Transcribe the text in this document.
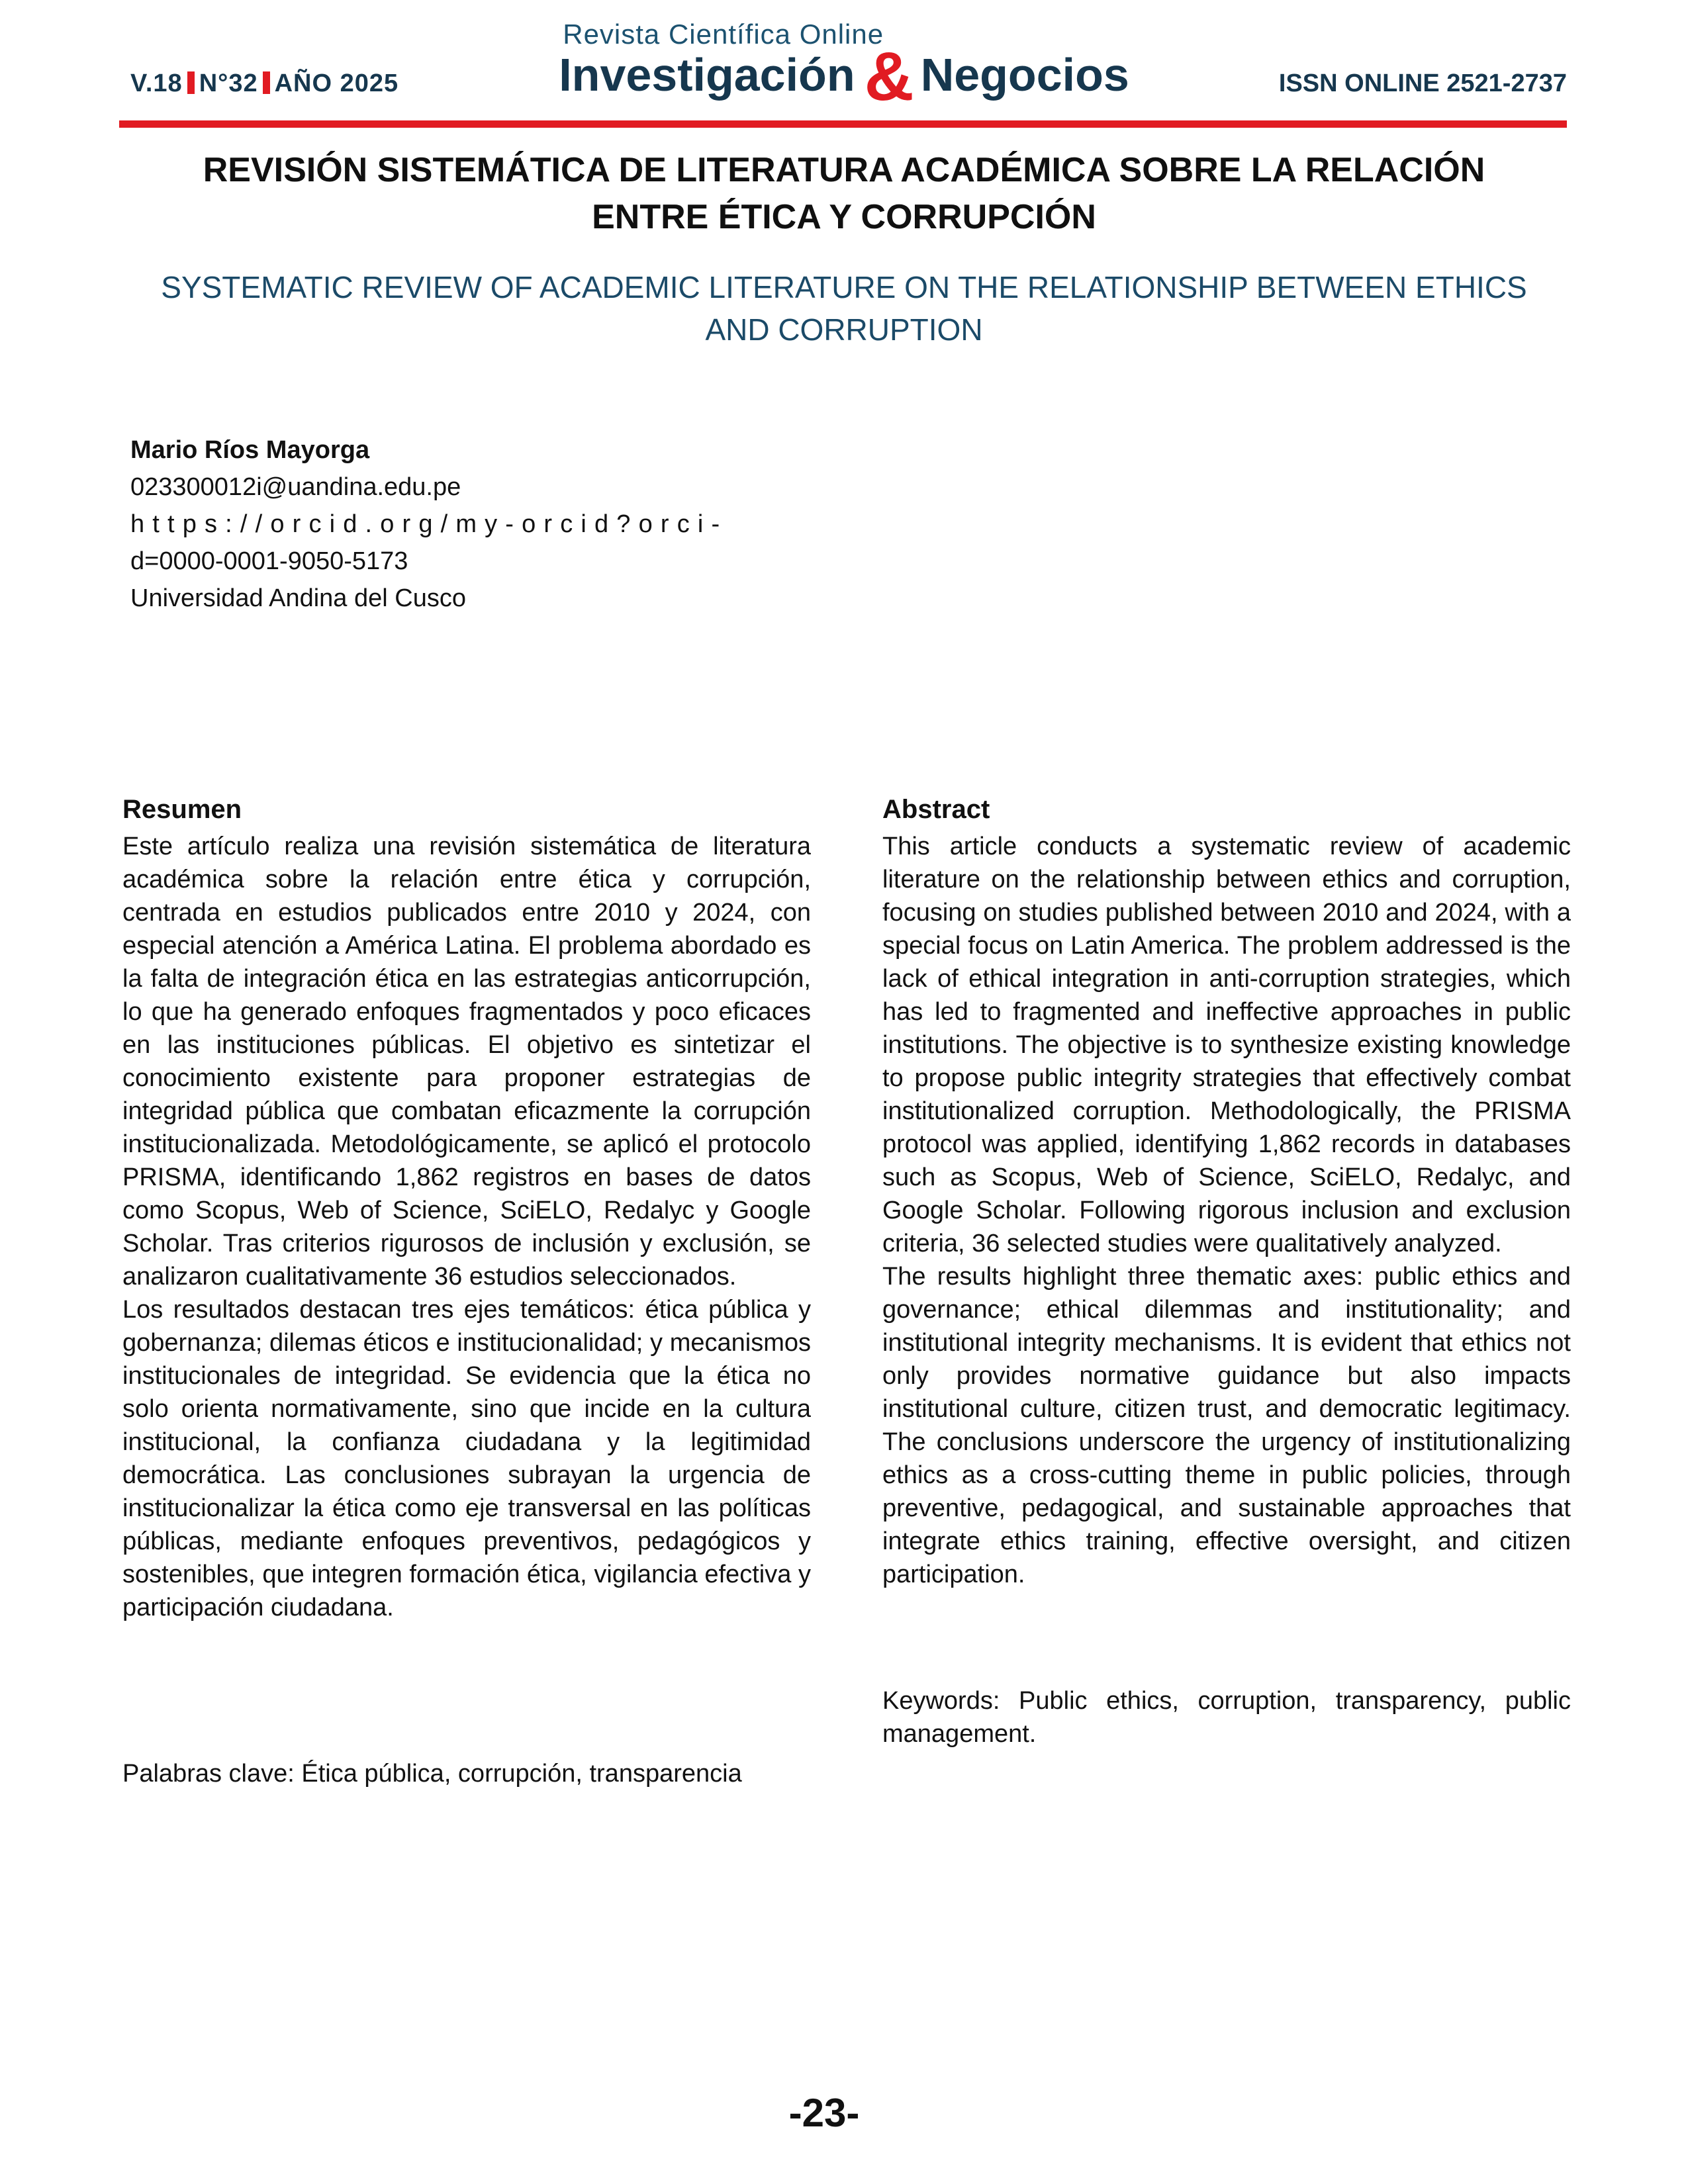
V.18 N°32 AÑO 2025
Revista Científica Online
Investigación & Negocios	ISSN ONLINE 2521-2737
REVISIÓN SISTEMÁTICA DE LITERATURA ACADÉMICA SOBRE LA RELACIÓN ENTRE ÉTICA Y CORRUPCIÓN
SYSTEMATIC REVIEW OF ACADEMIC LITERATURE ON THE RELATIONSHIP BETWEEN ETHICS AND CORRUPTION
Mario Ríos Mayorga
023300012i@uandina.edu.pe
https://orcid.org/my-orcid?orci-
d=0000-0001-9050-5173
Universidad Andina del Cusco
Resumen

Este artículo realiza una revisión sistemática de literatura académica sobre la relación entre ética y corrupción, centrada en estudios publicados entre 2010 y 2024, con especial atención a América Latina. El problema abordado es la falta de integración ética en las estrategias anticorrupción, lo que ha generado enfoques fragmentados y poco eficaces en las instituciones públicas. El objetivo es sintetizar el conocimiento existente para proponer estrategias de integridad pública que combatan eficazmente la corrupción institucionalizada. Metodológicamente, se aplicó el protocolo PRISMA, identificando 1,862 registros en bases de datos como Scopus, Web of Science, SciELO, Redalyc y Google Scholar. Tras criterios rigurosos de inclusión y exclusión, se analizaron cualitativamente 36 estudios seleccionados.

Los resultados destacan tres ejes temáticos: ética pública y gobernanza; dilemas éticos e institucionalidad; y mecanismos institucionales de integridad. Se evidencia que la ética no solo orienta normativamente, sino que incide en la cultura institucional, la confianza ciudadana y la legitimidad democrática. Las conclusiones subrayan la urgencia de institucionalizar la ética como eje transversal en las políticas públicas, mediante enfoques preventivos, pedagógicos y sostenibles, que integren formación ética, vigilancia efectiva y participación ciudadana.

Palabras clave: Ética pública, corrupción, transparencia
Abstract

This article conducts a systematic review of academic literature on the relationship between ethics and corruption, focusing on studies published between 2010 and 2024, with a special focus on Latin America. The problem addressed is the lack of ethical integration in anti-corruption strategies, which has led to fragmented and ineffective approaches in public institutions. The objective is to synthesize existing knowledge to propose public integrity strategies that effectively combat institutionalized corruption. Methodologically, the PRISMA protocol was applied, identifying 1,862 records in databases such as Scopus, Web of Science, SciELO, Redalyc, and Google Scholar. Following rigorous inclusion and exclusion criteria, 36 selected studies were qualitatively analyzed.

The results highlight three thematic axes: public ethics and governance; ethical dilemmas and institutionality; and institutional integrity mechanisms. It is evident that ethics not only provides normative guidance but also impacts institutional culture, citizen trust, and democratic legitimacy. The conclusions underscore the urgency of institutionalizing ethics as a cross-cutting theme in public policies, through preventive, pedagogical, and sustainable approaches that integrate ethics training, effective oversight, and citizen participation.

Keywords: Public ethics, corruption, transparency, public management.
-23-
